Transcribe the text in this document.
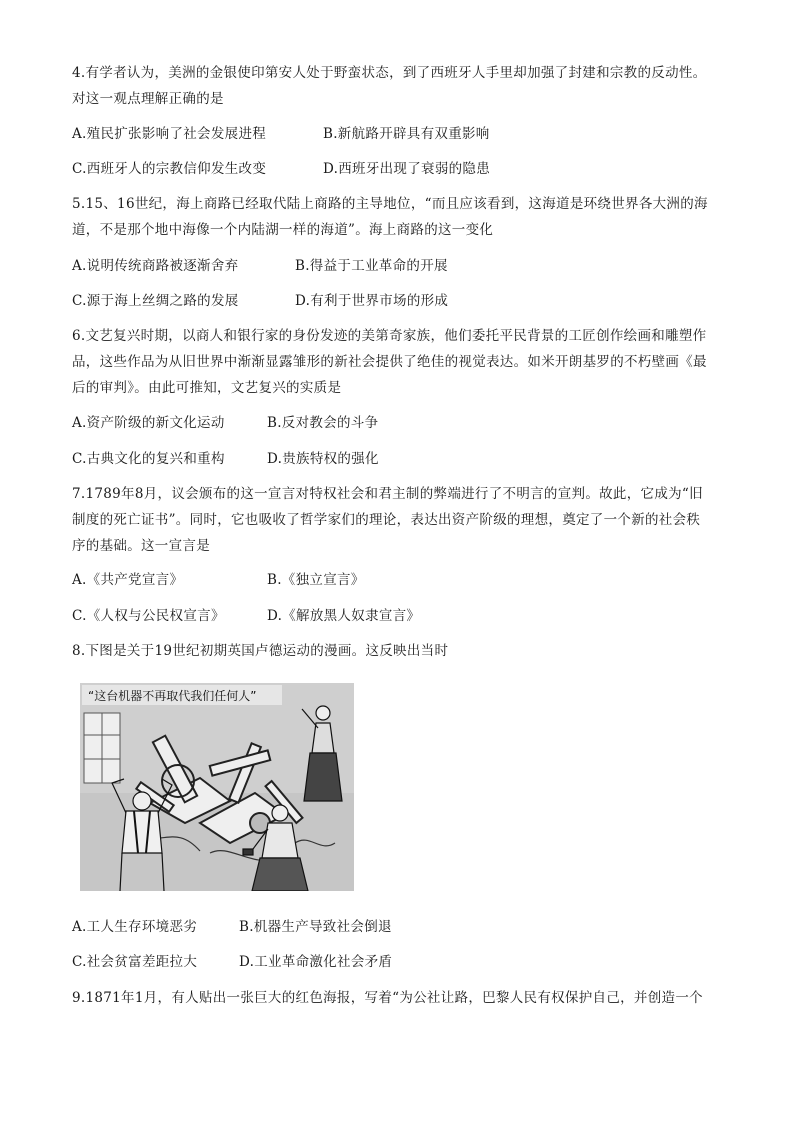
4.有学者认为，美洲的金银使印第安人处于野蛮状态，到了西班牙人手里却加强了封建和宗教的反动性。
对这一观点理解正确的是
A.殖民扩张影响了社会发展进程	B.新航路开辟具有双重影响
C.西班牙人的宗教信仰发生改变	D.西班牙出现了衰弱的隐患
5.15、16世纪，海上商路已经取代陆上商路的主导地位，“而且应该看到，这海道是环绕世界各大洲的海
道，不是那个地中海像一个内陆湖一样的海道”。海上商路的这一变化
A.说明传统商路被逐渐舍弃	B.得益于工业革命的开展
C.源于海上丝绸之路的发展	D.有利于世界市场的形成
6.文艺复兴时期，以商人和银行家的身份发迹的美第奇家族，他们委托平民背景的工匠创作绘画和雕塑作
品，这些作品为从旧世界中渐渐显露雏形的新社会提供了绝佳的视觉表达。如米开朗基罗的不朽壁画《最
后的审判》。由此可推知，文艺复兴的实质是
A.资产阶级的新文化运动	B.反对教会的斗争
C.古典文化的复兴和重构	D.贵族特权的强化
7.1789年8月，议会颁布的这一宣言对特权社会和君主制的弊端进行了不明言的宣判。故此，它成为“旧
制度的死亡证书”。同时，它也吸收了哲学家们的理论，表达出资产阶级的理想，奠定了一个新的社会秩
序的基础。这一宣言是
A.《共产党宣言》	B.《独立宣言》
C.《人权与公民权宣言》	D.《解放黑人奴隶宣言》
8.下图是关于19世纪初期英国卢德运动的漫画。这反映出当时
“这台机器不再取代我们任何人”
A.工人生存环境恶劣	B.机器生产导致社会倒退
C.社会贫富差距拉大	D.工业革命激化社会矛盾
9.1871年1月，有人贴出一张巨大的红色海报，写着“为公社让路，巴黎人民有权保护自己，并创造一个
